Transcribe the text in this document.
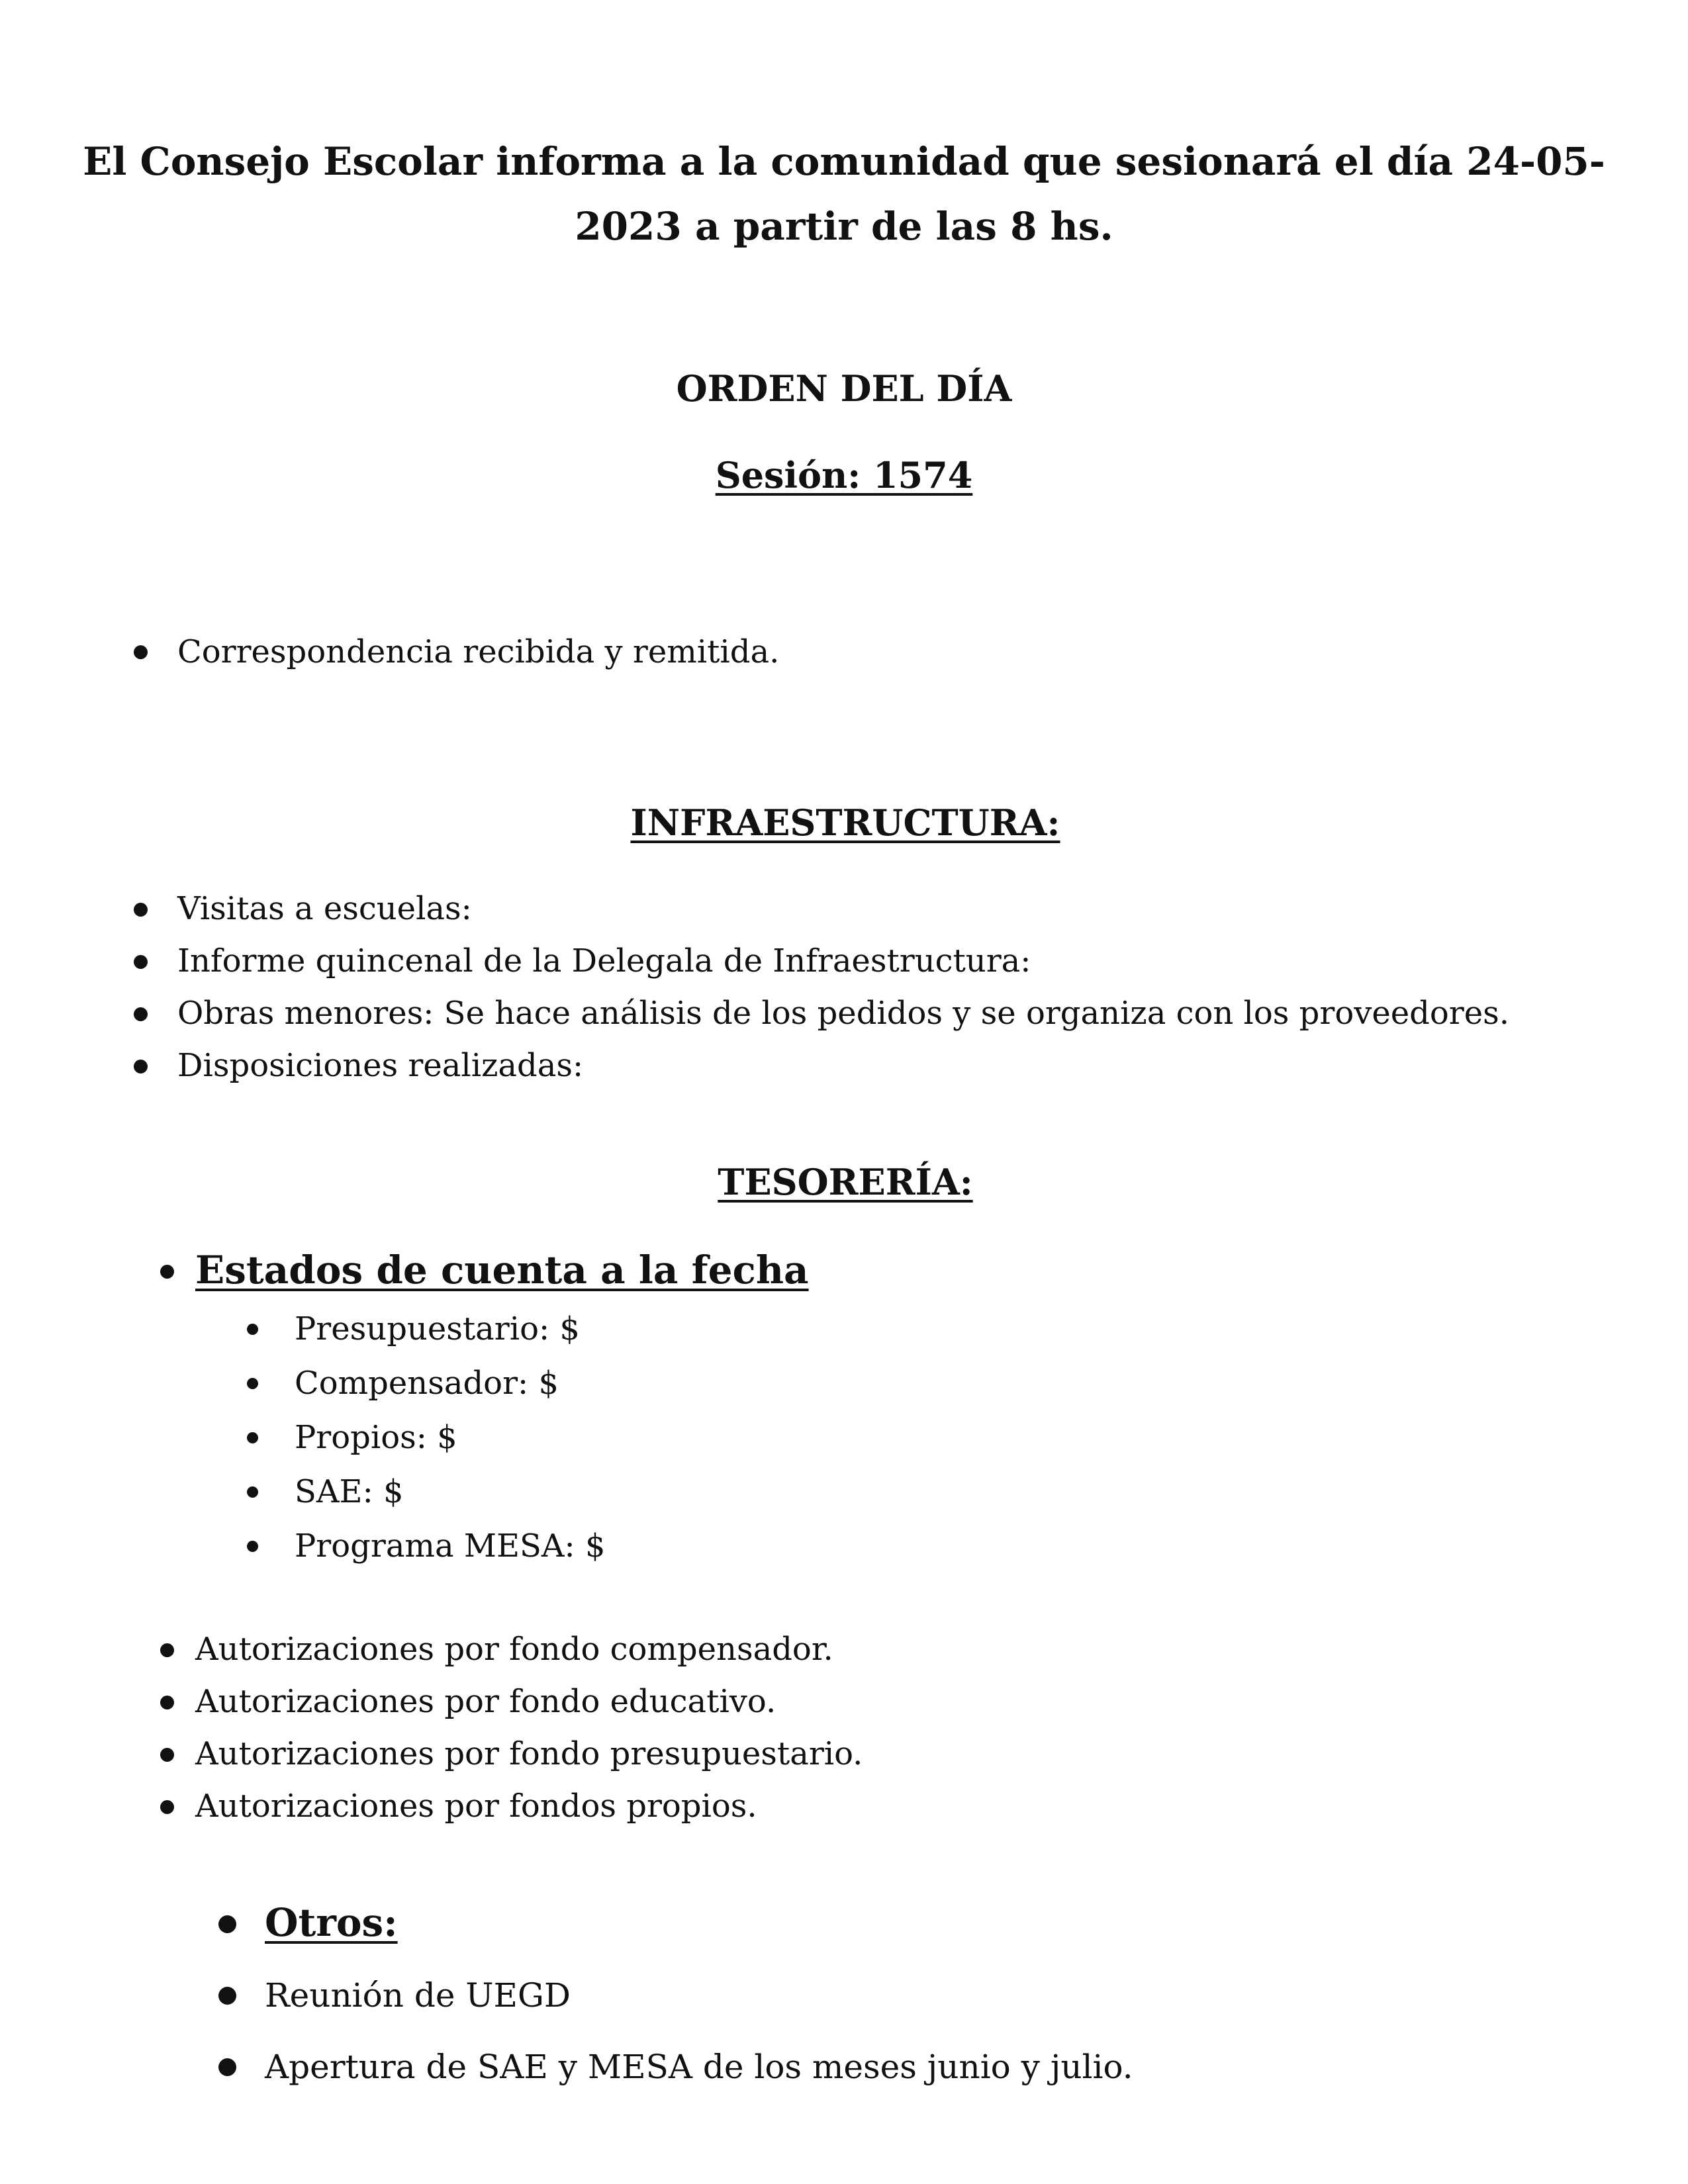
El Consejo Escolar informa a la comunidad que sesionará el día 24-05-2023 a partir de las 8 hs.
ORDEN DEL DÍA
Sesión: 1574
Correspondencia recibida y remitida.
INFRAESTRUCTURA:
Visitas a escuelas:
Informe quincenal de la Delegala de Infraestructura:
Obras menores: Se hace análisis de los pedidos y se organiza con los proveedores.
Disposiciones realizadas:
TESORERÍA:
Estados de cuenta a la fecha
Presupuestario: $
Compensador: $
Propios: $
SAE: $
Programa MESA: $
Autorizaciones por fondo compensador.
Autorizaciones por fondo educativo.
Autorizaciones por fondo presupuestario.
Autorizaciones por fondos propios.
Otros:
Reunión de UEGD
Apertura de SAE y MESA de los meses junio y julio.
